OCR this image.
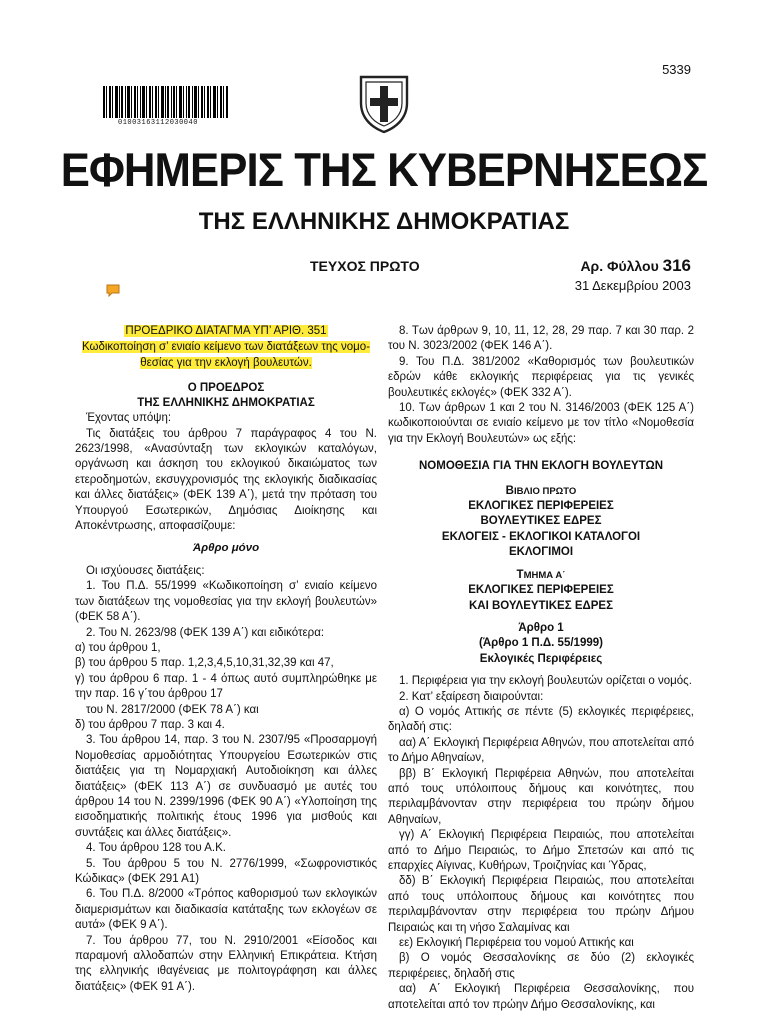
5339
01003163112030040
ΕΦΗΜΕΡΙΣ ΤΗΣ ΚΥΒΕΡΝΗΣΕΩΣ
ΤΗΣ ΕΛΛΗΝΙΚΗΣ ΔΗΜΟΚΡΑΤΙΑΣ
ΤΕΥΧΟΣ ΠΡΩΤΟ	Αρ. Φύλλου 316
31 Δεκεμβρίου 2003
ΠΡΟΕΔΡΙΚΟ ΔΙΑΤΑΓΜΑ ΥΠ’ ΑΡΙΘ. 351
Κωδικοποίηση σ’ ενιαίο κείμενο των διατάξεων της νομο-
θεσίας για την εκλογή βουλευτών.
Ο ΠΡΟΕΔΡΟΣ
ΤΗΣ ΕΛΛΗΝΙΚΗΣ ΔΗΜΟΚΡΑΤΙΑΣ

Έχοντας υπόψη:

Τις διατάξεις του άρθρου 7 παράγραφος 4 του Ν. 2623/1998, «Ανασύνταξη των εκλογικών καταλόγων, οργάνωση και άσκηση του εκλογικού δικαιώματος των ετεροδημοτών, εκσυγχρονισμός της εκλογικής διαδικασίας και άλλες διατάξεις» (ΦΕΚ 139 Α΄), μετά την πρόταση του Υπουργού Εσωτερικών, Δημόσιας Διοίκησης και Αποκέντρωσης, αποφασίζουμε:

Άρθρο μόνο

Οι ισχύουσες διατάξεις:

1. Του Π.Δ. 55/1999 «Κωδικοποίηση σ’ ενιαίο κείμενο των διατάξεων της νομοθεσίας για την εκλογή βουλευτών» (ΦΕΚ 58 Α΄).

2. Του Ν. 2623/98 (ΦΕΚ 139 Α΄) και ειδικότερα:

α) του άρθρου 1,

β) του άρθρου 5 παρ. 1,2,3,4,5,10,31,32,39 και 47,

γ) του άρθρου 6 παρ. 1 - 4 όπως αυτό συμπληρώθηκε με την παρ. 16 γ΄του άρθρου 17

του Ν. 2817/2000 (ΦΕΚ 78 Α΄) και

δ) του άρθρου 7 παρ. 3 και 4.

3. Του άρθρου 14, παρ. 3 του Ν. 2307/95 «Προσαρμογή Νομοθεσίας αρμοδιότητας Υπουργείου Εσωτερικών στις διατάξεις για τη Νομαρχιακή Αυτοδιοίκηση και άλλες διατάξεις» (ΦΕΚ 113 Α΄) σε συνδυασμό με αυτές του άρθρου 14 του Ν. 2399/1996 (ΦΕΚ 90 Α΄) «Υλοποίηση της εισοδηματικής πολιτικής έτους 1996 για μισθούς και συντάξεις και άλλες διατάξεις».

4. Του άρθρου 128 του Α.Κ.

5. Του άρθρου 5 του Ν. 2776/1999, «Σωφρονιστικός Κώδικας» (ΦΕΚ 291 Α1)

6. Του Π.Δ. 8/2000 «Τρόπος καθορισμού των εκλογικών διαμερισμάτων και διαδικασία κατάταξης των εκλογέων σε αυτά» (ΦΕΚ 9 Α΄).

7. Του άρθρου 77, του Ν. 2910/2001 «Είσοδος και παραμονή αλλοδαπών στην Ελληνική Επικράτεια. Κτήση της ελληνικής ιθαγένειας με πολιτογράφηση και άλλες διατάξεις» (ΦΕΚ 91 Α΄).

8. Των άρθρων 9, 10, 11, 12, 28, 29 παρ. 7 και 30 παρ. 2 του Ν. 3023/2002 (ΦΕΚ 146 Α΄).

9. Του Π.Δ. 381/2002 «Καθορισμός των βουλευτικών εδρών κάθε εκλογικής περιφέρειας για τις γενικές βουλευτικές εκλογές» (ΦΕΚ 332 Α΄).

10. Των άρθρων 1 και 2 του Ν. 3146/2003 (ΦΕΚ 125 Α΄) κωδικοποιούνται σε ενιαίο κείμενο με τον τίτλο «Νομοθεσία για την Εκλογή Βουλευτών» ως εξής:

ΝΟΜΟΘΕΣΙΑ ΓΙΑ ΤΗΝ ΕΚΛΟΓΗ ΒΟΥΛΕΥΤΩΝ

ΒΙΒΛΙΟ ΠΡΩΤΟ
ΕΚΛΟΓΙΚΕΣ ΠΕΡΙΦΕΡΕΙΕΣ
ΒΟΥΛΕΥΤΙΚΕΣ ΕΔΡΕΣ
ΕΚΛΟΓΕΙΣ - ΕΚΛΟΓΙΚΟΙ ΚΑΤΑΛΟΓΟΙ
ΕΚΛΟΓΙΜΟΙ
ΤΜΗΜΑ Α΄
ΕΚΛΟΓΙΚΕΣ ΠΕΡΙΦΕΡΕΙΕΣ
ΚΑΙ ΒΟΥΛΕΥΤΙΚΕΣ ΕΔΡΕΣ
Άρθρο 1
(Άρθρο 1 Π.Δ. 55/1999)
Εκλογικές Περιφέρειες

1. Περιφέρεια για την εκλογή βουλευτών ορίζεται ο νομός.

2. Κατ’ εξαίρεση διαιρούνται:

α) Ο νομός Αττικής σε πέντε (5) εκλογικές περιφέρειες, δηλαδή στις:

αα) Α΄ Εκλογική Περιφέρεια Αθηνών, που αποτελείται από το Δήμο Αθηναίων,

ββ) Β΄ Εκλογική Περιφέρεια Αθηνών, που αποτελείται από τους υπόλοιπους δήμους και κοινότητες, που περιλαμβάνονταν στην περιφέρεια του πρώην δήμου Αθηναίων,

γγ) Α΄ Εκλογική Περιφέρεια Πειραιώς, που αποτελείται από το Δήμο Πειραιώς, το Δήμο Σπετσών και από τις επαρχίες Αίγινας, Κυθήρων, Τροιζηνίας και Ύδρας,

δδ) Β΄ Εκλογική Περιφέρεια Πειραιώς, που αποτελείται από τους υπόλοιπους δήμους και κοινότητες που περιλαμβάνονταν στην περιφέρεια του πρώην Δήμου Πειραιώς και τη νήσο Σαλαμίνας και

εε) Εκλογική Περιφέρεια του νομού Αττικής και

β) Ο νομός Θεσσαλονίκης σε δύο (2) εκλογικές περιφέρειες, δηλαδή στις

αα) Α΄ Εκλογική Περιφέρεια Θεσσαλονίκης, που αποτελείται από τον πρώην Δήμο Θεσσαλονίκης, και
